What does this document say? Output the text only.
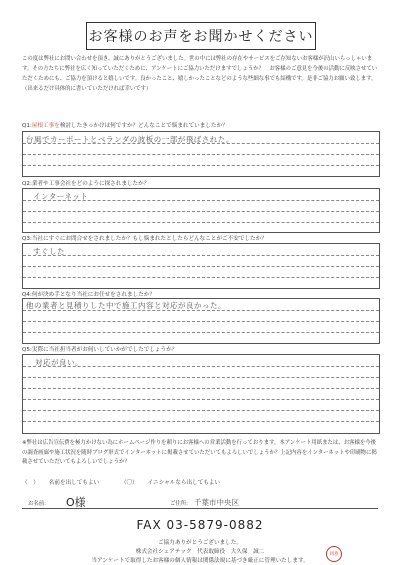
お客様のお声をお聞かせください
この度は弊社にお問い合わせを頂き、誠にありがとうございました。世の中には弊社の存在やサービスをご存知ないお客様が沢山いらっしゃいます。その方たちに弊社を広く知っていただくために、アンケートにご協力いただけますでしょうか？　お客様のご意見を今後の活動に反映させていただくためにも、ご協力を頂けると嬉しいです。良かったこと、嬉しかったことなどのような些細な事でも結構です。是非ご協力お願い致します。（出来るだけ具体的に書いていただければ幸いです）
Q1:屋根工事を検討したきっかけは何ですか？どんなことで悩まれていましたか？
台風でカーポートとベランダの波板の一部が飛ばされた。
Q2:業者や工事会社をどのように探されましたか？
インターネット
Q3:当社にすぐにお問合せをされましたか？もし悩まれたとしたらどんなことがご不安でしたか？
すぐした
Q4:何が決め手となり当社にお任せをされましたか？
他の業者と見積りした中で施工内容と対応が良かった。
Q5:実際に当社担当者がお伺いしていかがでしたでしょうか？
対応が良い。
※弊社は広告宣伝費を極力かけない為にホームページ作りを頼りにお客様への営業活動を行っております。本アンケート用紙または、お客様を今後の調査画廊や施工状況を随時ブログ形式でインターネットに掲載させていただいてもよろしいでしょうか？上記内容をインターネットや印刷物に掲載させていただいてもよろしいでしょうか？
（　） 名前を出してもよい	（〇） イニシャルなら出してもよい
お名前: O様	ご住所: 千葉市中央区
FAX 03-5879-0882
ご協力ありがとうございました。
株式会社シェアテック　代表取締役　大久保　誠二
当アンケートで取得したお客様の個人情報は関係法規に基づき厳正に管理いたします。
同意
